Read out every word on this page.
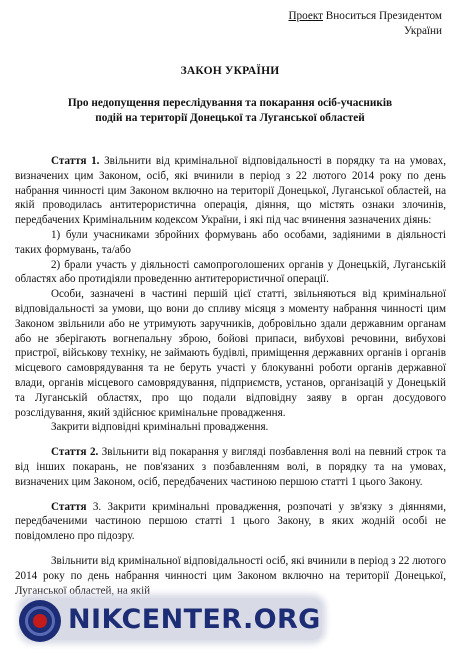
Проект Вноситься Президентом
України
ЗАКОН УКРАЇНИ
Про недопущення переслідування та покарання осіб-учасників
подій на території Донецької та Луганської областей

Стаття 1. Звільнити від кримінальної відповідальності в порядку та на умовах, визначених цим Законом, осіб, які вчинили в період з 22 лютого 2014 року по день набрання чинності цим Законом включно на території Донецької, Луганської областей, на якій проводилась антитерористична операція, діяння, що містять ознаки злочинів, передбачених Кримінальним кодексом України, і які під час вчинення зазначених діянь:

1) були учасниками збройних формувань або особами, задіяними в діяльності таких формувань, та/або

2) брали участь у діяльності самопроголошених органів у Донецькій, Луганській областях або протидіяли проведенню антитерористичної операції.

Особи, зазначені в частині першій цієї статті, звільняються від кримінальної відповідальності за умови, що вони до спливу місяця з моменту набрання чинності цим Законом звільнили або не утримують заручників, добровільно здали державним органам або не зберігають вогнепальну зброю, бойові припаси, вибухові речовини, вибухові пристрої, військову техніку, не займають будівлі, приміщення державних органів і органів місцевого самоврядування та не беруть участі у блокуванні роботи органів державної влади, органів місцевого самоврядування, підприємств, установ, організацій у Донецькій та Луганській областях, про що подали відповідну заяву в орган досудового розслідування, який здійснює кримінальне провадження.

Закрити відповідні кримінальні провадження.

Стаття 2. Звільнити від покарання у вигляді позбавлення волі на певний строк та від інших покарань, не пов'язаних з позбавленням волі, в порядку та на умовах, визначених цим Законом, осіб, передбачених частиною першою статті 1 цього Закону.

Стаття 3. Закрити кримінальні провадження, розпочаті у зв'язку з діяннями, передбаченими частиною першою статті 1 цього Закону, в яких жодній особі не повідомлено про підозру.

Звільнити від кримінальної відповідальності осіб, які вчинили в період з 22 лютого 2014 року по день набрання чинності цим Законом включно на території Донецької, Луганської областей, на якій

NIKCENTER.ORG
